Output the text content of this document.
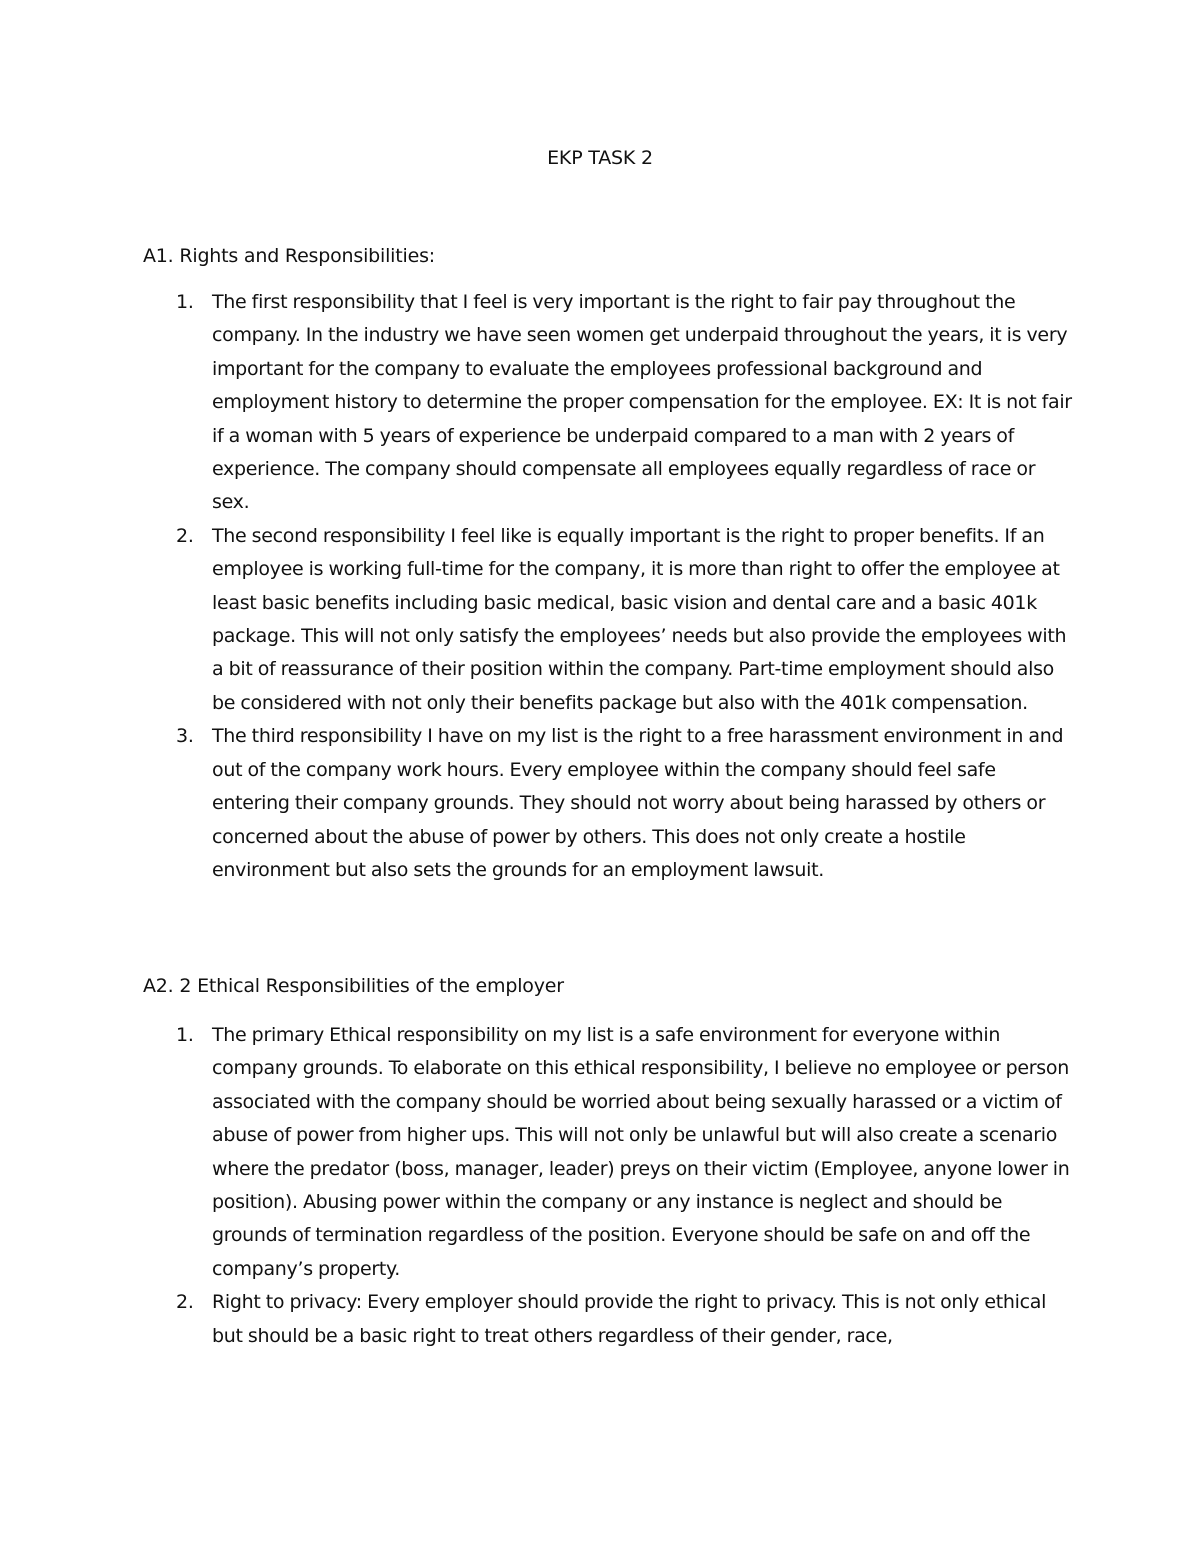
EKP TASK 2
A1. Rights and Responsibilities:
1. The first responsibility that I feel is very important is the right to fair pay throughout the company. In the industry we have seen women get underpaid throughout the years, it is very important for the company to evaluate the employees professional background and employment history to determine the proper compensation for the employee. EX: It is not fair if a woman with 5 years of experience be underpaid compared to a man with 2 years of experience. The company should compensate all employees equally regardless of race or sex.
2. The second responsibility I feel like is equally important is the right to proper benefits. If an employee is working full-time for the company, it is more than right to offer the employee at least basic benefits including basic medical, basic vision and dental care and a basic 401k package. This will not only satisfy the employees’ needs but also provide the employees with a bit of reassurance of their position within the company. Part-time employment should also be considered with not only their benefits package but also with the 401k compensation.
3. The third responsibility I have on my list is the right to a free harassment environment in and out of the company work hours. Every employee within the company should feel safe entering their company grounds. They should not worry about being harassed by others or concerned about the abuse of power by others. This does not only create a hostile environment but also sets the grounds for an employment lawsuit.
A2. 2 Ethical Responsibilities of the employer
1. The primary Ethical responsibility on my list is a safe environment for everyone within company grounds. To elaborate on this ethical responsibility, I believe no employee or person associated with the company should be worried about being sexually harassed or a victim of abuse of power from higher ups. This will not only be unlawful but will also create a scenario where the predator (boss, manager, leader) preys on their victim (Employee, anyone lower in position). Abusing power within the company or any instance is neglect and should be grounds of termination regardless of the position. Everyone should be safe on and off the company’s property.
2. Right to privacy: Every employer should provide the right to privacy. This is not only ethical but should be a basic right to treat others regardless of their gender, race,
